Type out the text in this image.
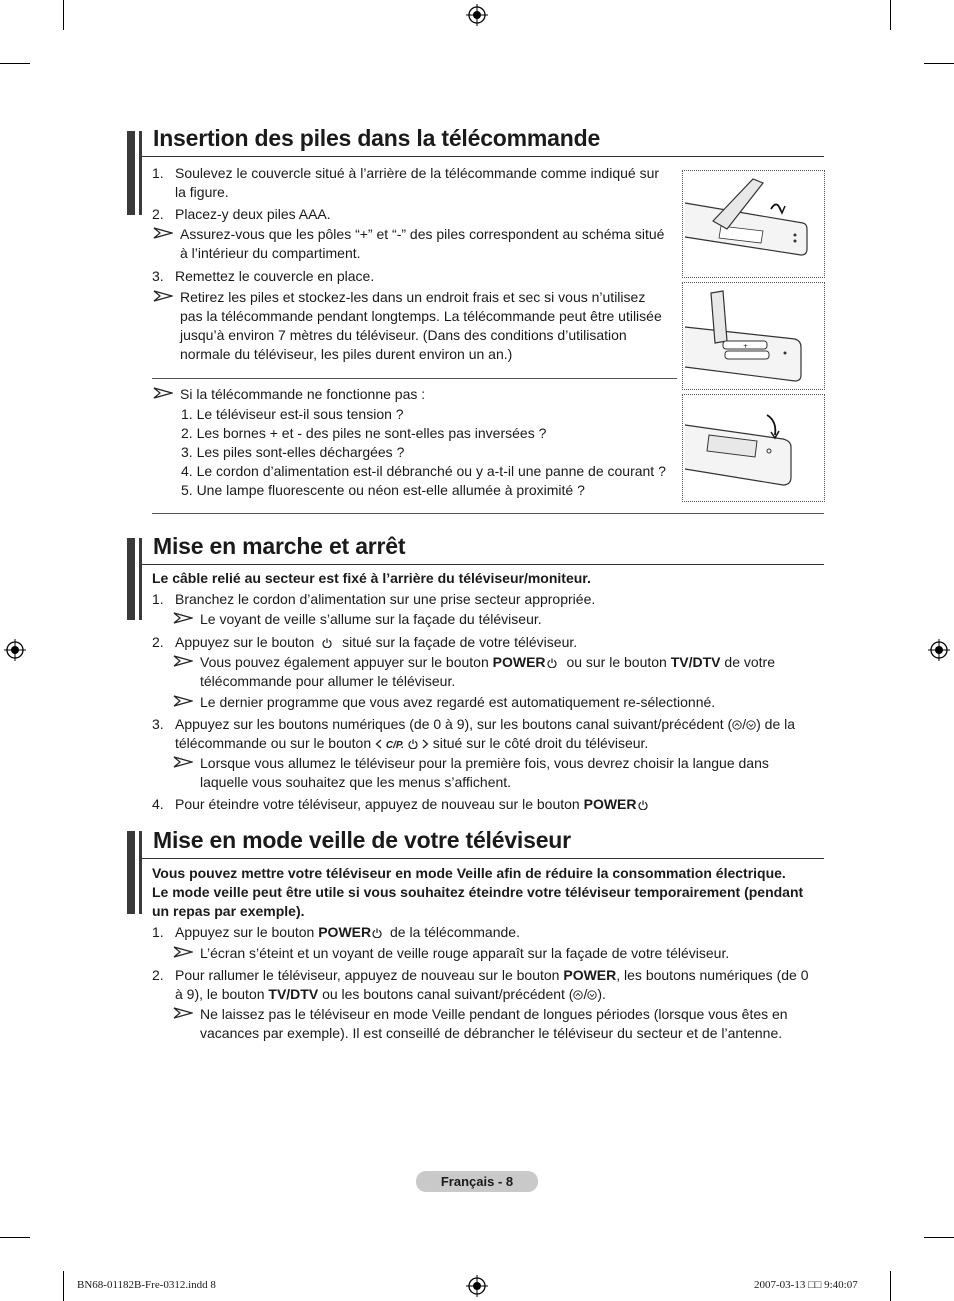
Insertion des piles dans la télécommande
1. Soulevez le couvercle situé à l’arrière de la télécommande comme indiqué sur
la figure.
2. Placez-y deux piles AAA.
Assurez-vous que les pôles “+” et “-” des piles correspondent au schéma situé
à l’intérieur du compartiment.
3. Remettez le couvercle en place.
Retirez les piles et stockez-les dans un endroit frais et sec si vous n’utilisez
pas la télécommande pendant longtemps. La télécommande peut être utilisée
jusqu’à environ 7 mètres du téléviseur. (Dans des conditions d’utilisation
normale du téléviseur, les piles durent environ un an.)
Si la télécommande ne fonctionne pas :
1. Le téléviseur est-il sous tension ?
2. Les bornes + et - des piles ne sont-elles pas inversées ?
3. Les piles sont-elles déchargées ?
4. Le cordon d’alimentation est-il débranché ou y a-t-il une panne de courant ?
5. Une lampe fluorescente ou néon est-elle allumée à proximité ?
+
Mise en marche et arrêt
Le câble relié au secteur est fixé à l’arrière du téléviseur/moniteur.
1. Branchez le cordon d’alimentation sur une prise secteur appropriée.
Le voyant de veille s’allume sur la façade du téléviseur.
2. Appuyez sur le bouton situé sur la façade de votre téléviseur.
Vous pouvez également appuyer sur le bouton POWER ou sur le bouton TV/DTV de votre
télécommande pour allumer le téléviseur.
Le dernier programme que vous avez regardé est automatiquement re-sélectionné.
3. Appuyez sur les boutons numériques (de 0 à 9), sur les boutons canal suivant/précédent ( / ) de la
télécommande ou sur le bouton C/P. situé sur le côté droit du téléviseur.
Lorsque vous allumez le téléviseur pour la première fois, vous devrez choisir la langue dans
laquelle vous souhaitez que les menus s’affichent.
4. Pour éteindre votre téléviseur, appuyez de nouveau sur le bouton POWER
Mise en mode veille de votre téléviseur
Vous pouvez mettre votre téléviseur en mode Veille afin de réduire la consommation électrique.
Le mode veille peut être utile si vous souhaitez éteindre votre téléviseur temporairement (pendant
un repas par exemple).
1. Appuyez sur le bouton POWER de la télécommande.
L’écran s’éteint et un voyant de veille rouge apparaît sur la façade de votre téléviseur.
2. Pour rallumer le téléviseur, appuyez de nouveau sur le bouton POWER, les boutons numériques (de 0
à 9), le bouton TV/DTV ou les boutons canal suivant/précédent ( / ).
Ne laissez pas le téléviseur en mode Veille pendant de longues périodes (lorsque vous êtes en
vacances par exemple). Il est conseillé de débrancher le téléviseur du secteur et de l’antenne.
Français - 8
BN68-01182B-Fre-0312.indd 8	2007-03-13 □□ 9:40:07
